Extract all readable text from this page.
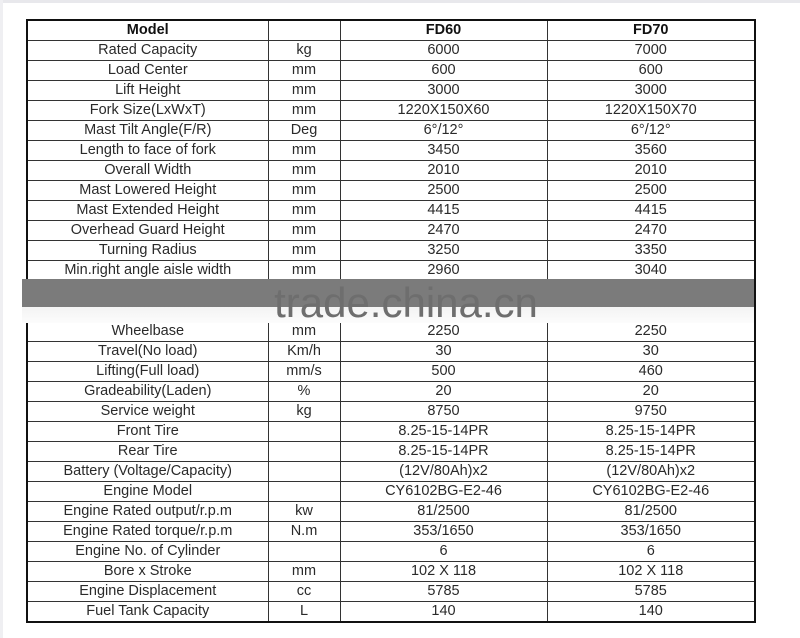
Model		FD60	FD70
Rated Capacity	kg	6000	7000
Load Center	mm	600	600
Lift Height	mm	3000	3000
Fork Size(LxWxT)	mm	1220X150X60	1220X150X70
Mast Tilt Angle(F/R)	Deg	6°/12°	6°/12°
Length to face of fork	mm	3450	3560
Overall Width	mm	2010	2010
Mast Lowered Height	mm	2500	2500
Mast Extended Height	mm	4415	4415
Overhead Guard Height	mm	2470	2470
Turning Radius	mm	3250	3350
Min.right angle aisle width	mm	2960	3040

Wheelbase	mm	2250	2250
Travel(No load)	Km/h	30	30
Lifting(Full load)	mm/s	500	460
Gradeability(Laden)	%	20	20
Service weight	kg	8750	9750
Front Tire		8.25-15-14PR	8.25-15-14PR
Rear Tire		8.25-15-14PR	8.25-15-14PR
Battery (Voltage/Capacity)		(12V/80Ah)x2	(12V/80Ah)x2
Engine Model		CY6102BG-E2-46	CY6102BG-E2-46
Engine Rated output/r.p.m	kw	81/2500	81/2500
Engine Rated torque/r.p.m	N.m	353/1650	353/1650
Engine No. of Cylinder		6	6
Bore x Stroke	mm	102 X 118	102 X 118
Engine Displacement	cc	5785	5785
Fuel Tank Capacity	L	140	140
trade.china.cn
